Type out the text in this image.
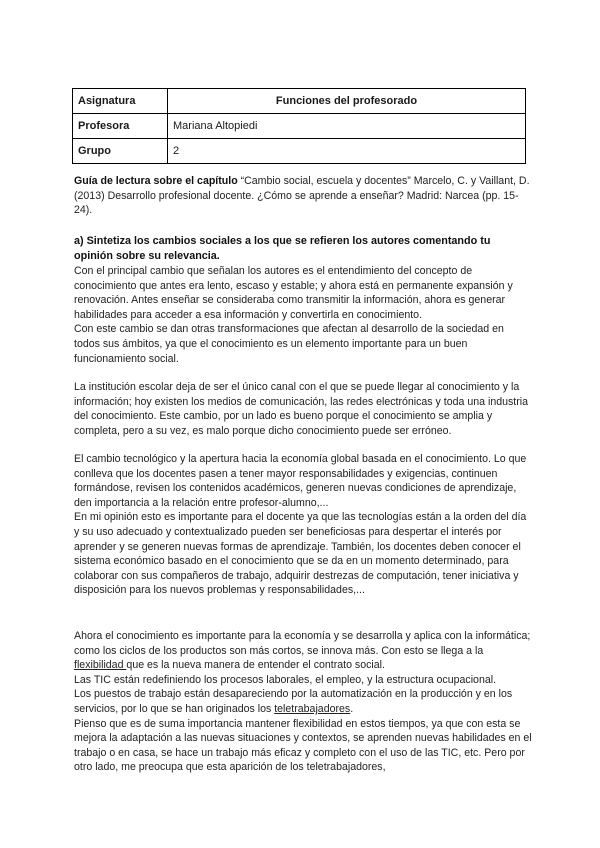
Asignatura	Funciones del profesorado
Profesora	Mariana Altopiedi
Grupo	2
Guía de lectura sobre el capítulo “Cambio social, escuela y docentes” Marcelo, C. y Vaillant, D. (2013) Desarrollo profesional docente. ¿Cómo se aprende a enseñar? Madrid: Narcea (pp. 15- 24).
a) Sintetiza los cambios sociales a los que se refieren los autores comentando tu opinión sobre su relevancia.
Con el principal cambio que señalan los autores es el entendimiento del concepto de conocimiento que antes era lento, escaso y estable; y ahora está en permanente expansión y renovación. Antes enseñar se consideraba como transmitir la información, ahora es generar habilidades para acceder a esa información y convertirla en conocimiento.
Con este cambio se dan otras transformaciones que afectan al desarrollo de la sociedad en todos sus ámbitos, ya que el conocimiento es un elemento importante para un buen funcionamiento social.
La institución escolar deja de ser el único canal con el que se puede llegar al conocimiento y la información; hoy existen los medios de comunicación, las redes electrónicas y toda una industria del conocimiento. Este cambio, por un lado es bueno porque el conocimiento se amplia y completa, pero a su vez, es malo porque dicho conocimiento puede ser erróneo.
El cambio tecnológico y la apertura hacia la economía global basada en el conocimiento. Lo que conlleva que los docentes pasen a tener mayor responsabilidades y exigencias, continuen formándose, revisen los contenidos académicos, generen nuevas condiciones de aprendizaje, den importancia a la relación entre profesor-alumno,...
En mi opinión esto es importante para el docente ya que las tecnologías están a la orden del día y su uso adecuado y contextualizado pueden ser beneficiosas para despertar el interés por aprender y se generen nuevas formas de aprendizaje. También, los docentes deben conocer el sistema económico basado en el conocimiento que se da en un momento determinado, para colaborar con sus compañeros de trabajo, adquirir destrezas de computación, tener iniciativa y disposición para los nuevos problemas y responsabilidades,...
Ahora el conocimiento es importante para la economía y se desarrolla y aplica con la informática; como los ciclos de los productos son más cortos, se innova más. Con esto se llega a la flexibilidad que es la nueva manera de entender el contrato social.
Las TIC están redefiniendo los procesos laborales, el empleo, y la estructura ocupacional.
Los puestos de trabajo están desapareciendo por la automatización en la producción y en los servicios, por lo que se han originados los teletrabajadores.
Pienso que es de suma importancia mantener flexibilidad en estos tiempos, ya que con esta se mejora la adaptación a las nuevas situaciones y contextos, se aprenden nuevas habilidades en el trabajo o en casa, se hace un trabajo más eficaz y completo con el uso de las TIC, etc. Pero por otro lado, me preocupa que esta aparición de los teletrabajadores,
